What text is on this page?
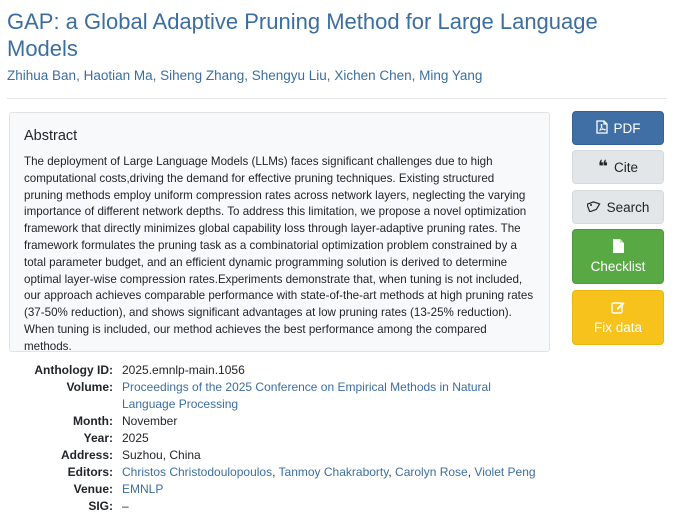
GAP: a Global Adaptive Pruning Method for Large Language Models
Zhihua Ban, Haotian Ma, Siheng Zhang, Shengyu Liu, Xichen Chen, Ming Yang
Abstract

The deployment of Large Language Models (LLMs) faces significant challenges due to high computational costs,driving the demand for effective pruning techniques. Existing structured pruning methods employ uniform compression rates across network layers, neglecting the varying importance of different network depths. To address this limitation, we propose a novel optimization framework that directly minimizes global capability loss through layer-adaptive pruning rates. The framework formulates the pruning task as a combinatorial optimization problem constrained by a total parameter budget, and an efficient dynamic programming solution is derived to determine optimal layer-wise compression rates.Experiments demonstrate that, when tuning is not included, our approach achieves comparable performance with state-of-the-art methods at high pruning rates (37-50% reduction), and shows significant advantages at low pruning rates (13-25% reduction). When tuning is included, our method achieves the best performance among the compared methods.

PDF
❝ Cite
Search
Checklist
Fix data
Anthology ID: 2025.emnlp-main.1056
Volume: Proceedings of the 2025 Conference on Empirical Methods in Natural Language Processing
Month: November
Year: 2025
Address: Suzhou, China
Editors: Christos Christodoulopoulos, Tanmoy Chakraborty, Carolyn Rose, Violet Peng
Venue: EMNLP
SIG: –
